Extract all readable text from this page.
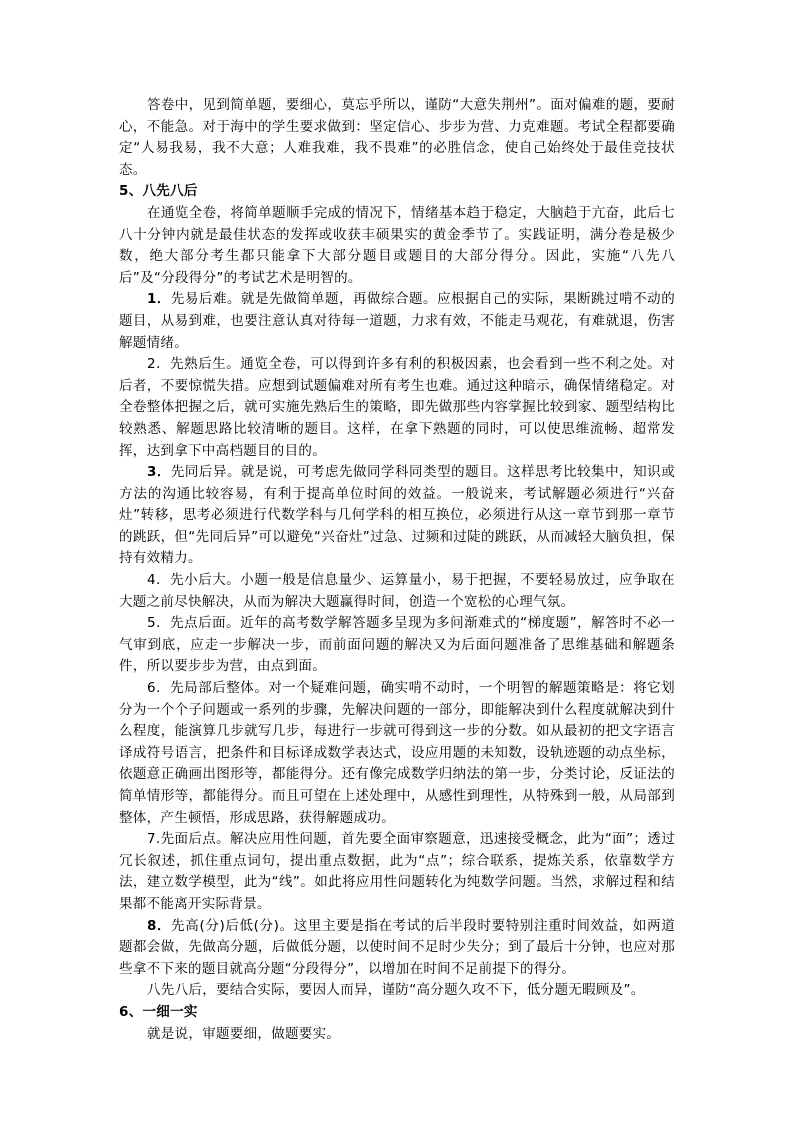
答卷中，见到简单题，要细心，莫忘乎所以，谨防“大意失荆州”。面对偏难的题，要耐心，不能急。对于海中的学生要求做到：坚定信心、步步为营、力克难题。考试全程都要确定“人易我易，我不大意；人难我难，我不畏难”的必胜信念，使自己始终处于最佳竞技状态。

5、八先八后

在通览全卷，将简单题顺手完成的情况下，情绪基本趋于稳定，大脑趋于亢奋，此后七八十分钟内就是最佳状态的发挥或收获丰硕果实的黄金季节了。实践证明，满分卷是极少数，绝大部分考生都只能拿下大部分题目或题目的大部分得分。因此，实施“八先八后”及“分段得分”的考试艺术是明智的。

1．先易后难。就是先做简单题，再做综合题。应根据自己的实际，果断跳过啃不动的题目，从易到难，也要注意认真对待每一道题，力求有效，不能走马观花，有难就退，伤害解题情绪。

2．先熟后生。通览全卷，可以得到许多有利的积极因素，也会看到一些不利之处。对后者，不要惊慌失措。应想到试题偏难对所有考生也难。通过这种暗示，确保情绪稳定。对全卷整体把握之后，就可实施先熟后生的策略，即先做那些内容掌握比较到家、题型结构比较熟悉、解题思路比较清晰的题目。这样，在拿下熟题的同时，可以使思维流畅、超常发挥，达到拿下中高档题目的目的。

3．先同后异。就是说，可考虑先做同学科同类型的题目。这样思考比较集中，知识或方法的沟通比较容易，有利于提高单位时间的效益。一般说来，考试解题必须进行“兴奋灶”转移，思考必须进行代数学科与几何学科的相互换位，必须进行从这一章节到那一章节的跳跃，但“先同后异”可以避免“兴奋灶”过急、过频和过陡的跳跃，从而减轻大脑负担，保持有效精力。

4．先小后大。小题一般是信息量少、运算量小，易于把握，不要轻易放过，应争取在大题之前尽快解决，从而为解决大题赢得时间，创造一个宽松的心理气氛。

5．先点后面。近年的高考数学解答题多呈现为多问渐难式的“梯度题”，解答时不必一气审到底，应走一步解决一步，而前面问题的解决又为后面问题准备了思维基础和解题条件，所以要步步为营，由点到面。

6．先局部后整体。对一个疑难问题，确实啃不动时，一个明智的解题策略是：将它划分为一个个子问题或一系列的步骤，先解决问题的一部分，即能解决到什么程度就解决到什么程度，能演算几步就写几步，每进行一步就可得到这一步的分数。如从最初的把文字语言译成符号语言，把条件和目标译成数学表达式，设应用题的未知数，设轨迹题的动点坐标，依题意正确画出图形等，都能得分。还有像完成数学归纳法的第一步，分类讨论，反证法的简单情形等，都能得分。而且可望在上述处理中，从感性到理性，从特殊到一般，从局部到整体，产生顿悟，形成思路，获得解题成功。

7.先面后点。解决应用性问题，首先要全面审察题意，迅速接受概念，此为“面”；透过冗长叙述，抓住重点词句，提出重点数据，此为“点”；综合联系，提炼关系，依靠数学方法，建立数学模型，此为“线”。如此将应用性问题转化为纯数学问题。当然，求解过程和结果都不能离开实际背景。

8．先高(分)后低(分)。这里主要是指在考试的后半段时要特别注重时间效益，如两道题都会做，先做高分题，后做低分题，以使时间不足时少失分；到了最后十分钟，也应对那些拿不下来的题目就高分题“分段得分”，以增加在时间不足前提下的得分。

八先八后，要结合实际，要因人而异，谨防“高分题久攻不下，低分题无暇顾及”。

6、一细一实

就是说，审题要细，做题要实。
